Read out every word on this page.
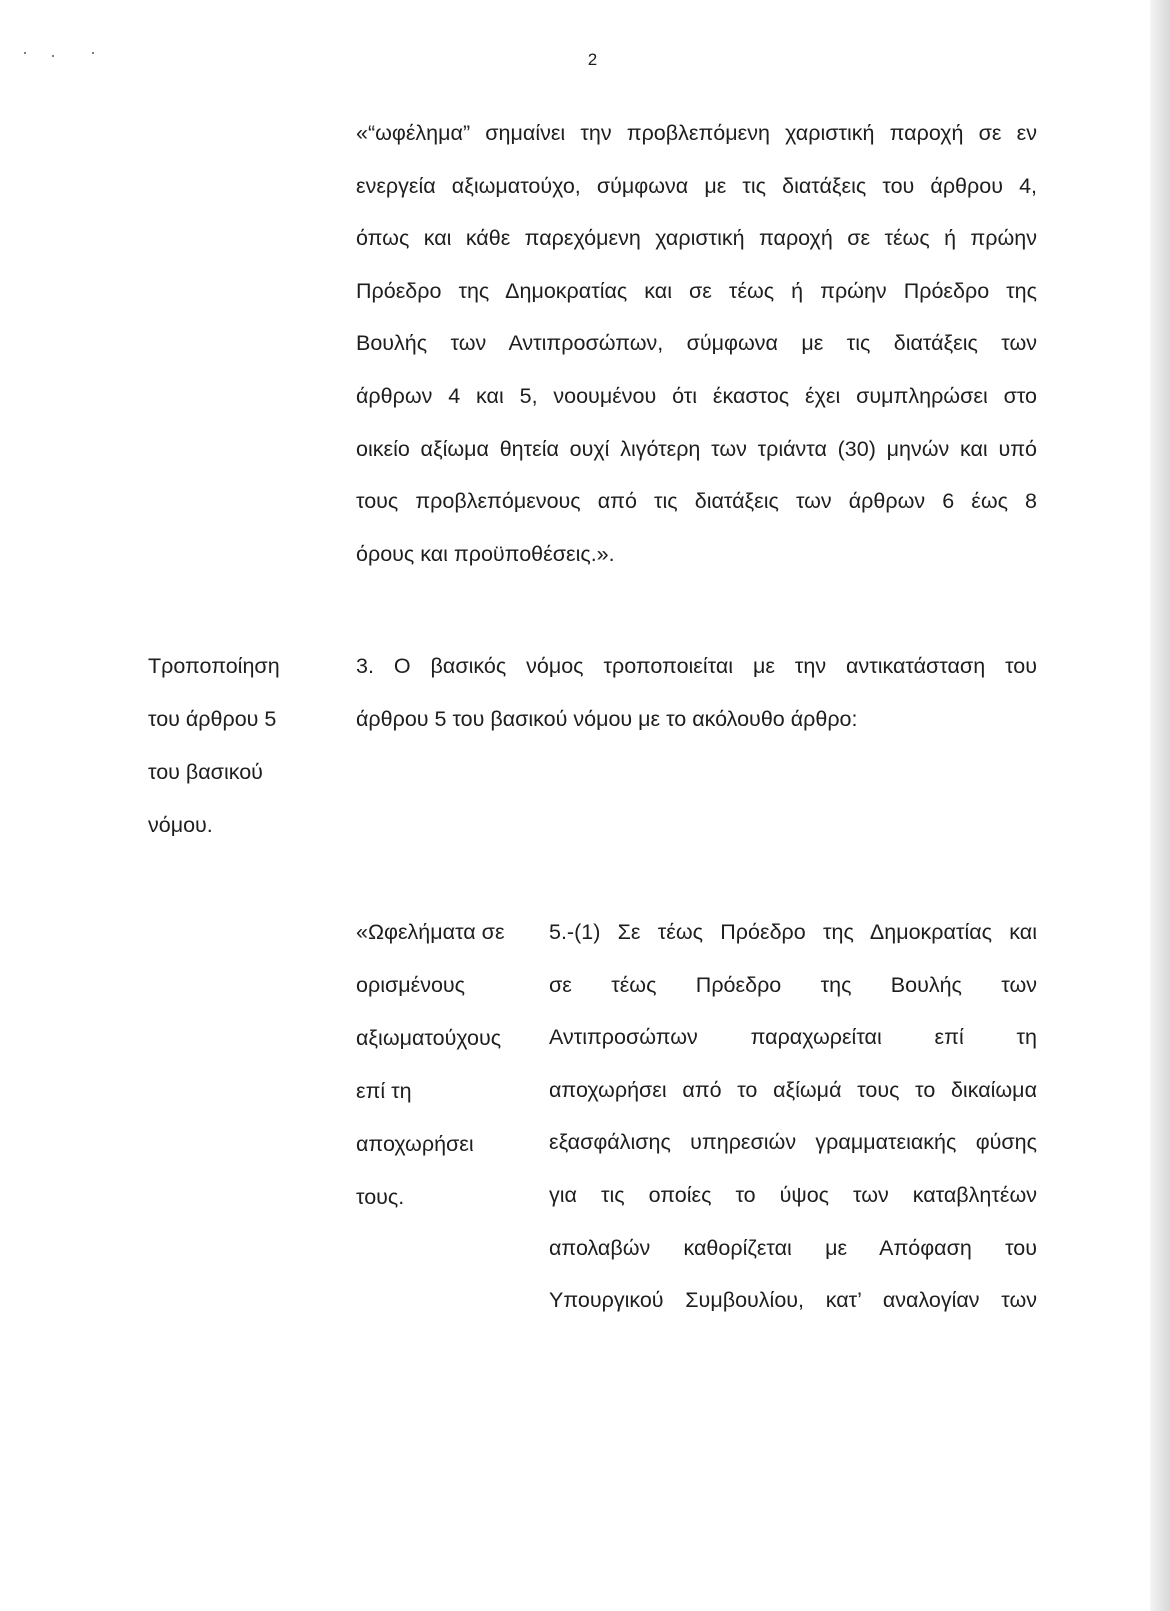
2
«“ωφέλημα” σημαίνει την προβλεπόμενη χαριστική παροχή σε εν
ενεργεία αξιωματούχο, σύμφωνα με τις διατάξεις του άρθρου 4,
όπως και κάθε παρεχόμενη χαριστική παροχή σε τέως ή πρώην
Πρόεδρο της Δημοκρατίας και σε τέως ή πρώην Πρόεδρο της
Βουλής των Αντιπροσώπων, σύμφωνα με τις διατάξεις των
άρθρων 4 και 5, νοουμένου ότι έκαστος έχει συμπληρώσει στο
οικείο αξίωμα θητεία ουχί λιγότερη των τριάντα (30) μηνών και υπό
τους προβλεπόμενους από τις διατάξεις των άρθρων 6 έως 8
όρους και προϋποθέσεις.».
Τροποποίηση
του άρθρου 5
του βασικού
νόμου.
3. Ο βασικός νόμος τροποποιείται με την αντικατάσταση του
άρθρου 5 του βασικού νόμου με το ακόλουθο άρθρο:
«Ωφελήματα σε
ορισμένους
αξιωματούχους
επί τη
αποχωρήσει
τους.
5.-(1) Σε τέως Πρόεδρο της Δημοκρατίας και
σε τέως Πρόεδρο της Βουλής των
Αντιπροσώπων παραχωρείται επί τη
αποχωρήσει από το αξίωμά τους το δικαίωμα
εξασφάλισης υπηρεσιών γραμματειακής φύσης
για τις οποίες το ύψος των καταβλητέων
απολαβών καθορίζεται με Απόφαση του
Υπουργικού Συμβουλίου, κατ’ αναλογίαν των
